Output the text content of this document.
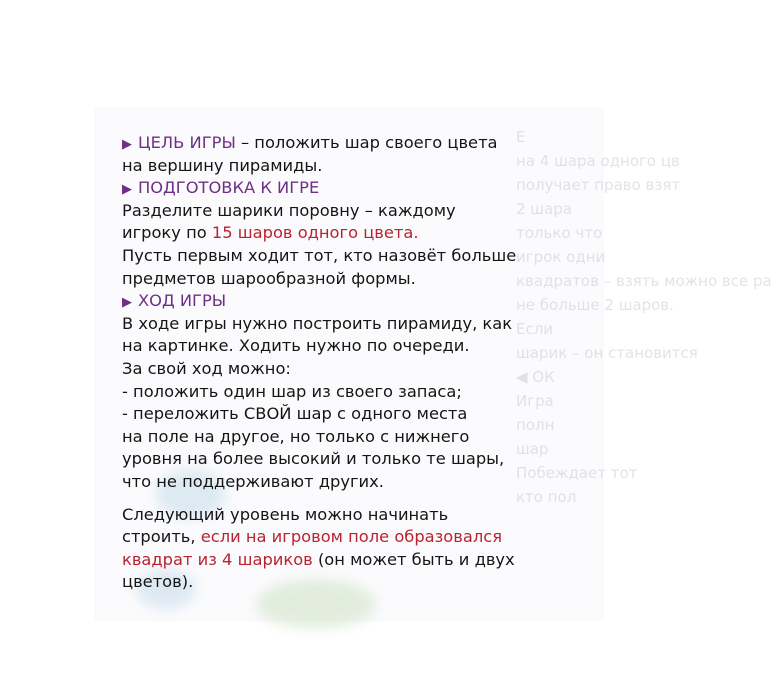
Е
на 4 шара одного цв
получает право взят
2 шара
только что
игрок одни
квадратов – взять можно все ра
не больше 2 шаров.
Если
шарик – он становится
◀ ОК
Игра
полн
шар
Побеждает тот
кто пол
▶ ЦЕЛЬ ИГРЫ – положить шар своего цвета
на вершину пирамиды.
▶ ПОДГОТОВКА К ИГРЕ
Разделите шарики поровну – каждому
игроку по 15 шаров одного цвета.
Пусть первым ходит тот, кто назовёт больше
предметов шарообразной формы.
▶ ХОД ИГРЫ
В ходе игры нужно построить пирамиду, как
на картинке. Ходить нужно по очереди.
За свой ход можно:
- положить один шар из своего запаса;
- переложить СВОЙ шар с одного места
на поле на другое, но только с нижнего
уровня на более высокий и только те шары,
что не поддерживают других.
Следующий уровень можно начинать
строить, если на игровом поле образовался
квадрат из 4 шариков (он может быть и двух
цветов).
